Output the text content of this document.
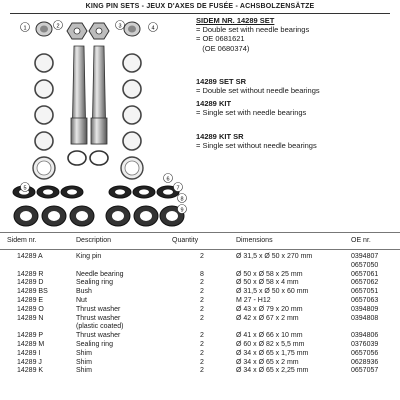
KING PIN SETS - JEUX D'AXES DE FUSÉE - ACHSBOLZENSÄTZE
1	2	3	4
5
6
7
8
9
SIDEM NR. 14289 SET
= Double set with needle bearings
= OE 0681621
(OE 0680374)
14289 SET SR
= Double set without needle bearings
14289 KIT
= Single set with needle bearings
14289 KIT SR
= Single set without needle bearings
Sidem nr.	Description	Quantity	Dimensions	OE nr.
14289 A	King pin	2	Ø 31,5 x Ø 50 x 270 mm	0394807
0657050
14289 R	Needle bearing	8	Ø 50 x Ø 58 x 25 mm	0657061
14289 D	Sealing ring	2	Ø 50 x Ø 58 x 4 mm	0657062
14289 BS	Bush	2	Ø 31,5 x Ø 50 x 60 mm	0657051
14289 E	Nut	2	M 27 - H12	0657063
14289 O	Thrust washer	2	Ø 43 x Ø 79 x 20 mm	0394809
14289 N	Thrust washer
(plastic coated)
2	Ø 42 x Ø 67 x 2 mm	0394808
14289 P	Thrust washer	2	Ø 41 x Ø 66 x 10 mm	0394806
14289 M	Sealing ring	2	Ø 60 x Ø 82 x 5,5 mm	0376039
14289 I	Shim	2	Ø 34 x Ø 65 x 1,75 mm	0657056
14289 J	Shim	2	Ø 34 x Ø 65 x 2 mm	0628936
14289 K	Shim	2	Ø 34 x Ø 65 x 2,25 mm	0657057
